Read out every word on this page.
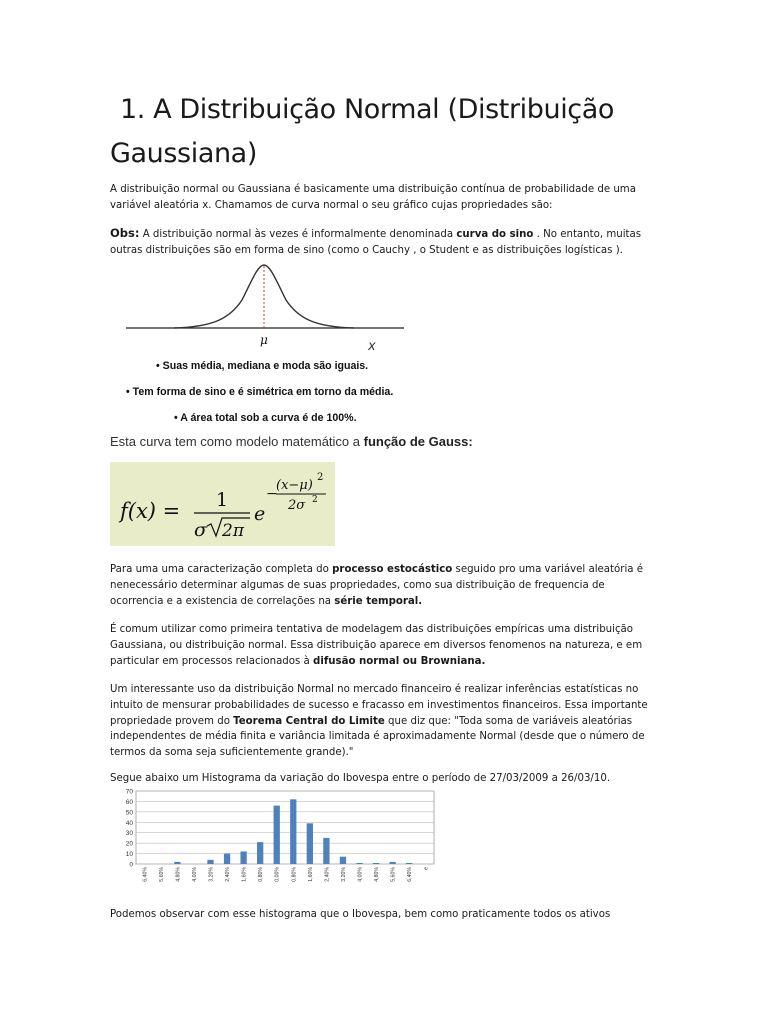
1. A Distribuição Normal (Distribuição
Gaussiana)
A distribuição normal ou Gaussiana é basicamente uma distribuição contínua de probabilidade de uma variável aleatória x. Chamamos de curva normal o seu gráfico cujas propriedades são:
Obs: A distribuição normal às vezes é informalmente denominada curva do sino . No entanto, muitas outras distribuições são em forma de sino (como o Cauchy , o Student e as distribuições logísticas ).
μ	x
• Suas média, mediana e moda são iguais.
• Tem forma de sino e é simétrica em torno da média.
• A área total sob a curva é de 100%.
Esta curva tem como modelo matemático a função de Gauss:
f(x) = 1
σ 2π
e
−
(x−μ)
2
2σ 2
Para uma uma caracterização completa do processo estocástico seguido pro uma variável aleatória é nenecessário determinar algumas de suas propriedades, como sua distribuição de frequencia de ocorrencia e a existencia de correlações na série temporal.
É comum utilizar como primeira tentativa de modelagem das distribuições empíricas uma distribuição Gaussiana, ou distribuição normal. Essa distribuição aparece em diversos fenomenos na natureza, e em particular em processos relacionados à difusão normal ou Browniana.
Um interessante uso da distribuição Normal no mercado financeiro é realizar inferências estatísticas no intuito de mensurar probabilidades de sucesso e fracasso em investimentos financeiros. Essa importante propriedade provem do Teorema Central do Limite que diz que: "Toda soma de variáveis aleatórias independentes de média finita e variância limitada é aproximadamente Normal (desde que o número de termos da soma seja suficientemente grande)."
Segue abaixo um Histograma da variação do Ibovespa entre o período de 27/03/2009 a 26/03/10.
0
10
20
30
40
50
60
70
-6,40% -5,60% -4,80% -4,00% -3,20% -2,40% -1,60% -0,80% 0,00% 0,80% 1,60% 2,40% 3,20% 4,00% 4,80% 5,60% 6,40% e
Podemos observar com esse histograma que o Ibovespa, bem como praticamente todos os ativos
